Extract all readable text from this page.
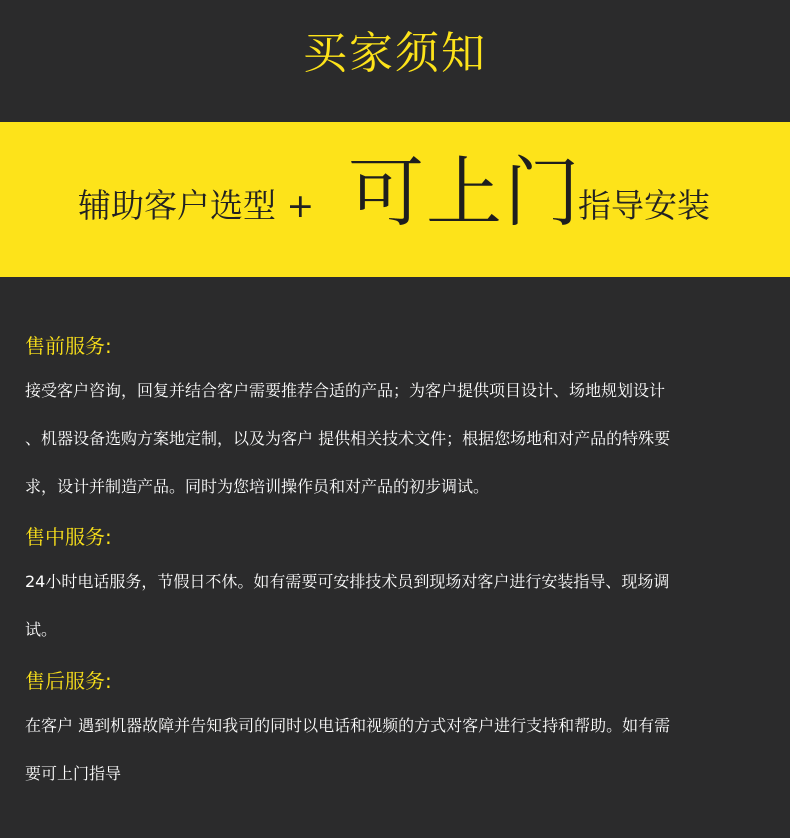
买家须知
辅助客户选型 + 可上门
指导安装
售前服务:
接受客户咨询，回复并结合客户需要推荐合适的产品；为客户提供项目设计、场地规划设计
、机器设备选购方案地定制，以及为客户 提供相关技术文件；根据您场地和对产品的特殊要
求，设计并制造产品。同时为您培训操作员和对产品的初步调试。
售中服务:
24小时电话服务，节假日不休。如有需要可安排技术员到现场对客户进行安装指导、现场调
试。
售后服务:
在客户 遇到机器故障并告知我司的同时以电话和视频的方式对客户进行支持和帮助。如有需
要可上门指导
